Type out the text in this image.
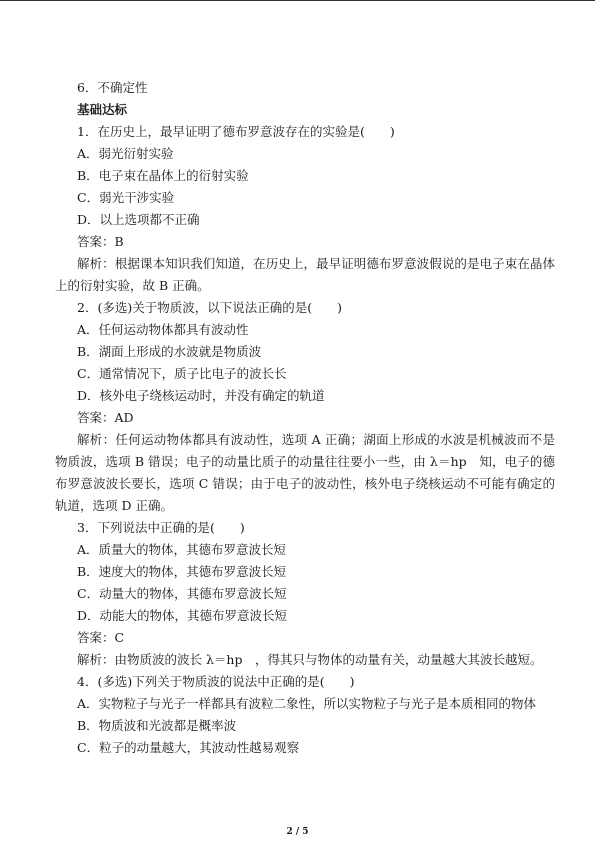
6．不确定性

基础达标

1．在历史上，最早证明了德布罗意波存在的实验是(　　)

A．弱光衍射实验

B．电子束在晶体上的衍射实验

C．弱光干涉实验

D．以上选项都不正确

答案：B

解析：根据课本知识我们知道，在历史上，最早证明德布罗意波假说的是电子束在晶体上的衍射实验，故 B 正确。

2．(多选)关于物质波，以下说法正确的是(　　)

A．任何运动物体都具有波动性

B．湖面上形成的水波就是物质波

C．通常情况下，质子比电子的波长长

D．核外电子绕核运动时，并没有确定的轨道

答案：AD

解析：任何运动物体都具有波动性，选项 A 正确；湖面上形成的水波是机械波而不是物质波，选项 B 错误；电子的动量比质子的动量往往要小一些，由 λ＝hp　知，电子的德布罗意波波长要长，选项 C 错误；由于电子的波动性，核外电子绕核运动不可能有确定的轨道，选项 D 正确。

3．下列说法中正确的是(　　)

A．质量大的物体，其德布罗意波长短

B．速度大的物体，其德布罗意波长短

C．动量大的物体，其德布罗意波长短

D．动能大的物体，其德布罗意波长短

答案：C

解析：由物质波的波长 λ＝hp　，得其只与物体的动量有关，动量越大其波长越短。

4．(多选)下列关于物质波的说法中正确的是(　　)

A．实物粒子与光子一样都具有波粒二象性，所以实物粒子与光子是本质相同的物体

B．物质波和光波都是概率波

C．粒子的动量越大，其波动性越易观察

2 / 5
